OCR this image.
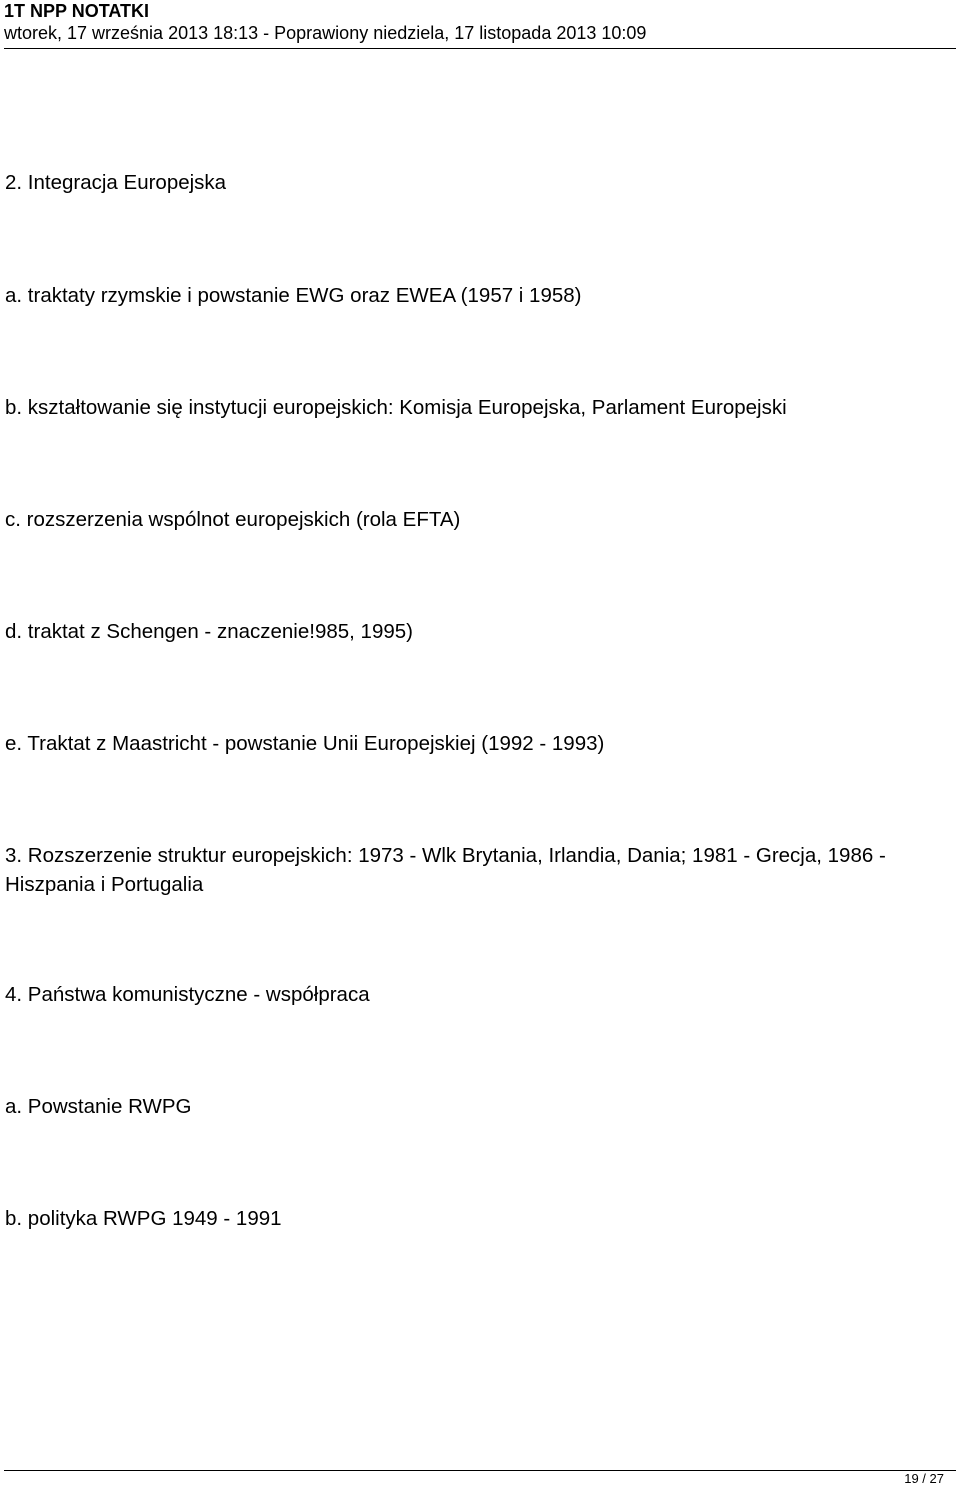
1T NPP NOTATKI

wtorek, 17 września 2013 18:13 - Poprawiony niedziela, 17 listopada 2013 10:09

2. Integracja Europejska

a. traktaty rzymskie i powstanie EWG oraz EWEA (1957 i 1958)

b. kształtowanie się instytucji europejskich: Komisja Europejska, Parlament Europejski

c. rozszerzenia wspólnot europejskich (rola EFTA)

d. traktat z Schengen - znaczenie!985, 1995)

e. Traktat z Maastricht - powstanie Unii Europejskiej (1992 - 1993)

3. Rozszerzenie struktur europejskich: 1973 - Wlk Brytania, Irlandia, Dania; 1981 - Grecja, 1986 - Hiszpania i Portugalia

4. Państwa komunistyczne - współpraca

a. Powstanie RWPG

b. polityka RWPG 1949 - 1991

19 / 27
